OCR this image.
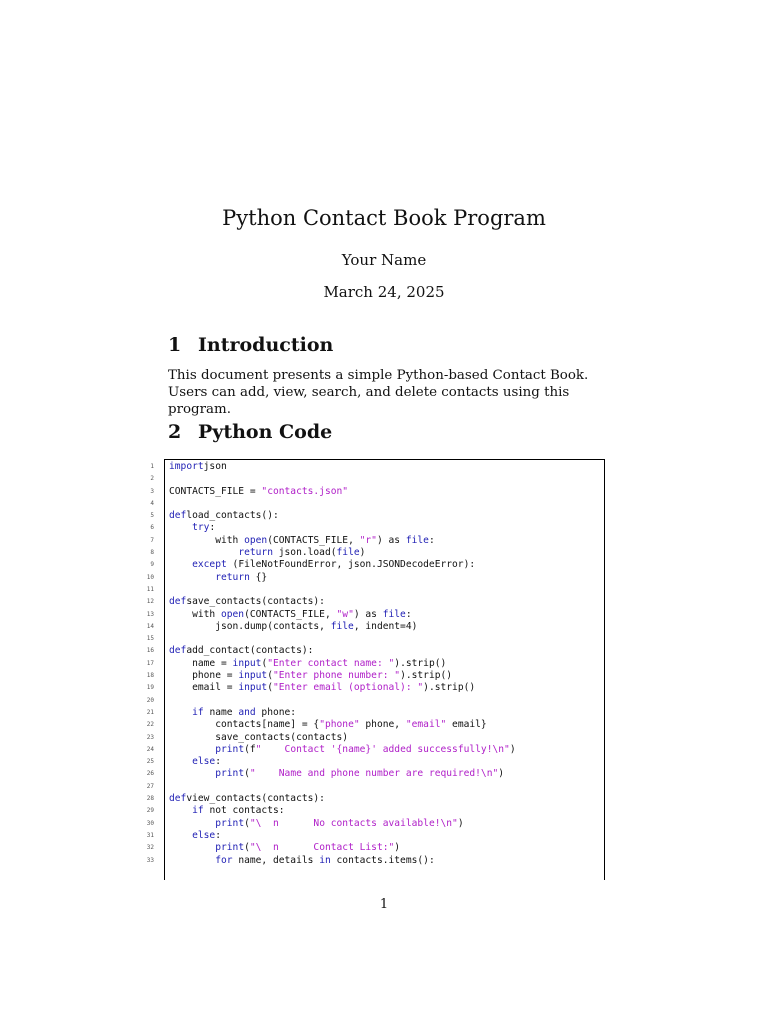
Python Contact Book Program
Your Name
March 24, 2025
1 Introduction
This document presents a simple Python-based Contact Book. Users can add, view, search, and delete contacts using this program.
2 Python Code
1 importjson
2
3 CONTACTS_FILE = "contacts.json"
4
5 defload_contacts():
6	try:
7 with open(CONTACTS_FILE, "r") as file:
8	return json.load(file)
9	except (FileNotFoundError, json.JSONDecodeError):
10	return {}
11
12 defsave_contacts(contacts):
13 with open(CONTACTS_FILE, "w") as file:
14 json.dump(contacts, file, indent=4)
15
16 defadd_contact(contacts):
17 name = input("Enter contact name: ").strip()
18 phone = input("Enter phone number: ").strip()
19 email = input("Enter email (optional): ").strip()
20
21	if name and phone:
22 contacts[name] = {"phone" phone, "email" email}
23 save_contacts(contacts)
24	print(f"    Contact '{name}' added successfully!\n")
25	else:
26	print("    Name and phone number are required!\n")
27
28 defview_contacts(contacts):
29	if not contacts:
30	print("\  n      No contacts available!\n")
31	else:
32	print("\  n      Contact List:")
33	for name, details in contacts.items():
1
